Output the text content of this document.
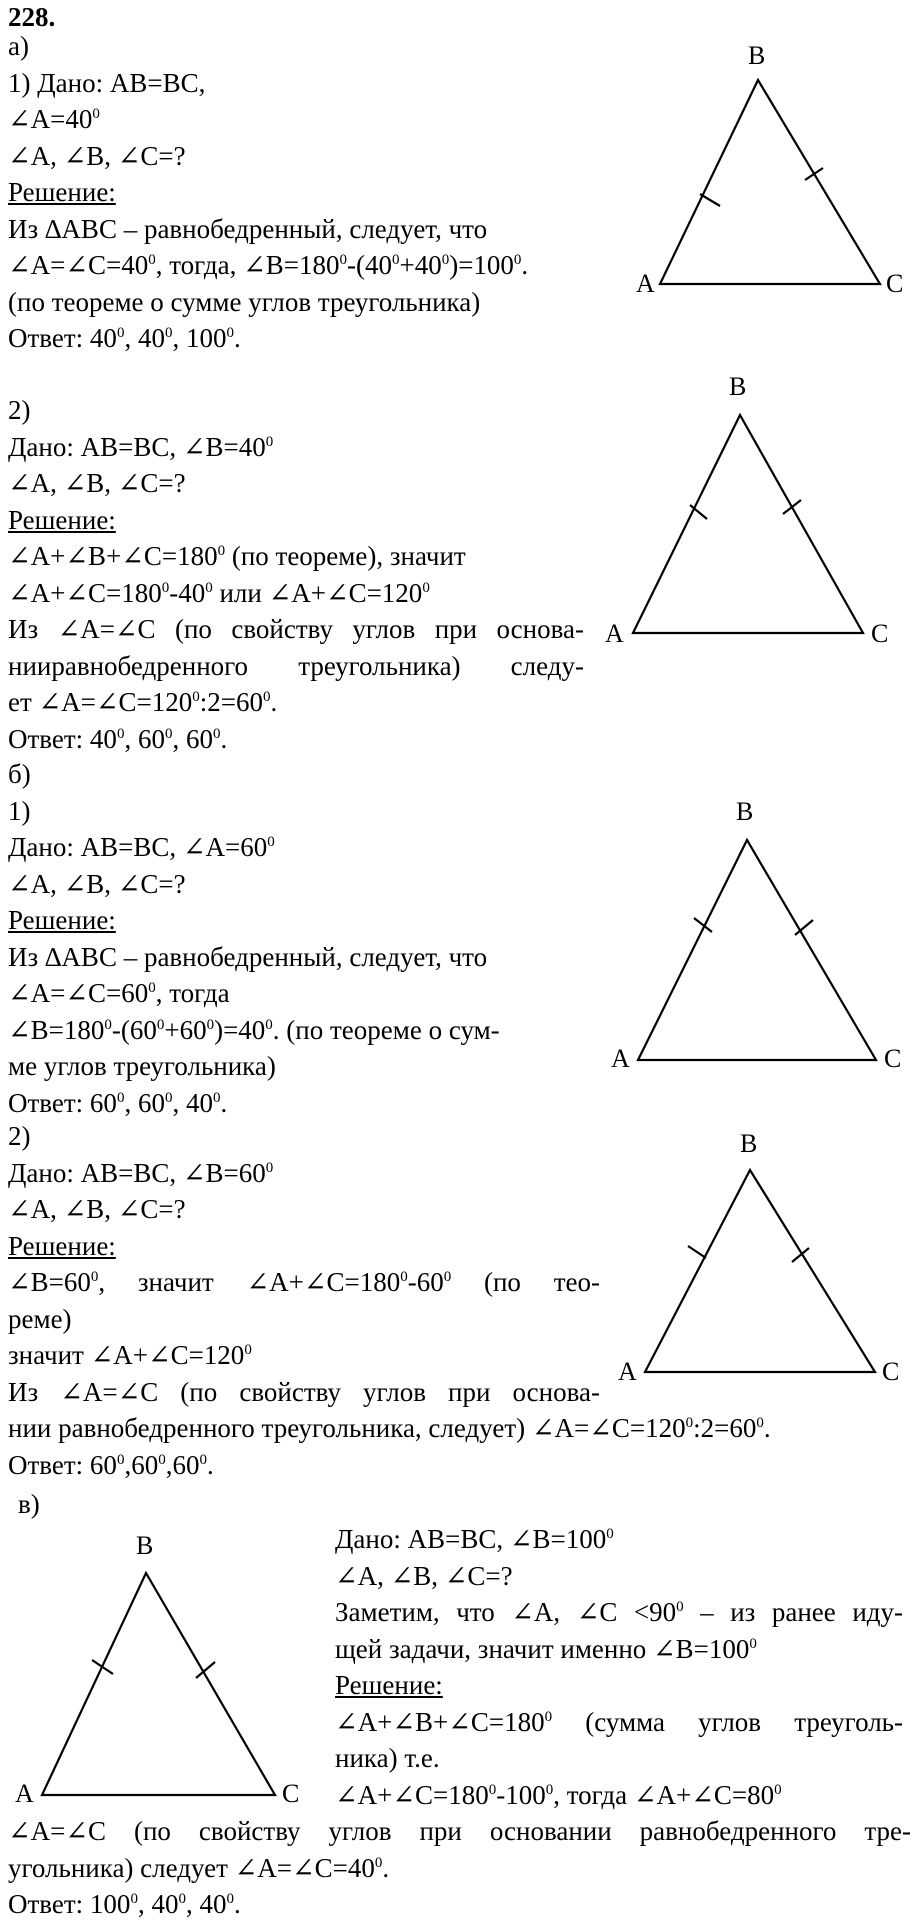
228.
а)
1) Дано: AB=BC,
$\angle A=40^0$
∠A, ∠B, ∠C=?
Решение:
Из ∆ABC – равнобедренный, следует, что
$\angle A=\angle C=40^0$, тогда, $\angle B=180^0-(40^0+40^0)=100^0$.
(по теореме о сумме углов треугольника)
Ответ: $40^0$, $40^0$, $100^0$.
B
A	C
2)
Дано: AB=BC, $\angle B=40^0$
∠A, ∠B, ∠C=?
Решение:
$\angle A+\angle B+\angle C=180^0$ (по теореме), значит
$\angle A+\angle C=180^0-40^0$ или $\angle A+\angle C=120^0$
Из ∠A=∠C (по свойству углов при основа-
нииравнобедренного треугольника) следу-
ет $\angle A=\angle C=120^0:2=60^0$.
Ответ: $40^0$, $60^0$, $60^0$.
B
A	C
б)
1)
Дано: AB=BC, $\angle A=60^0$
∠A, ∠B, ∠C=?
Решение:
Из ∆ABC – равнобедренный, следует, что
$\angle A=\angle C=60^0$, тогда
$\angle B=180^0-(60^0+60^0)=40^0$. (по теореме о сум-
ме углов треугольника)
Ответ: $60^0$, $60^0$, $40^0$.
B
A	C
2)
Дано: AB=BC, $\angle B=60^0$
∠A, ∠B, ∠C=?
Решение:
$\angle B=60^0$, значит $\angle A+\angle C=180^0-60^0$ (по тео-
реме)
значит $\angle A+\angle C=120^0$
Из ∠A=∠C (по свойству углов при основа-
нии равнобедренного треугольника, следует) $\angle A=\angle C=120^0:2=60^0$.
Ответ: $60^0,60^0,60^0$.
B
A	C
в)
B
A	C
Дано: AB=BC, $\angle B=100^0$
∠A, ∠B, ∠C=?
Заметим, что ∠A, ∠C $<90^0$ – из ранее иду-
щей задачи, значит именно $\angle B=100^0$
Решение:
$\angle A+\angle B+\angle C=180^0$ (сумма углов треуголь-
ника) т.е.
$\angle A+\angle C=180^0-100^0$, тогда $\angle A+\angle C=80^0$
∠A=∠C (по свойству углов при основании равнобедренного тре-
угольника) следует $\angle A=\angle C=40^0$.
Ответ: $100^0$, $40^0$, $40^0$.
